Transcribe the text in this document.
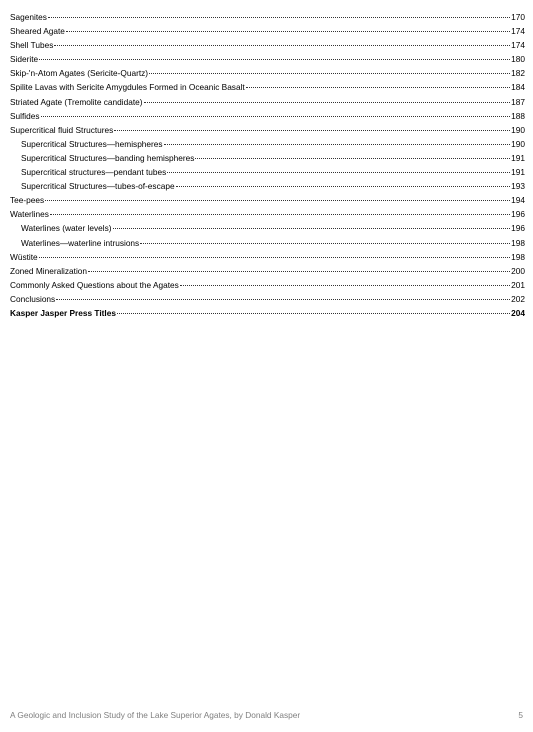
Sagenites	170
Sheared Agate	174
Shell Tubes	174
Siderite	180
Skip-'n-Atom Agates (Sericite-Quartz)	182
Spilite Lavas with Sericite Amygdules Formed in Oceanic Basalt	184
Striated Agate (Tremolite candidate)	187
Sulfides	188
Supercritical fluid Structures	190
Supercritical Structures—hemispheres	190
Supercritical Structures—banding hemispheres	191
Supercritical structures—pendant tubes	191
Supercritical Structures—tubes-of-escape	193
Tee-pees	194
Waterlines	196
Waterlines (water levels)	196
Waterlines—waterline intrusions	198
Wüstite	198
Zoned Mineralization	200
Commonly Asked Questions about the Agates	201
Conclusions	202
Kasper Jasper Press Titles	204
A Geologic and Inclusion Study of the Lake Superior Agates, by Donald Kasper	5
